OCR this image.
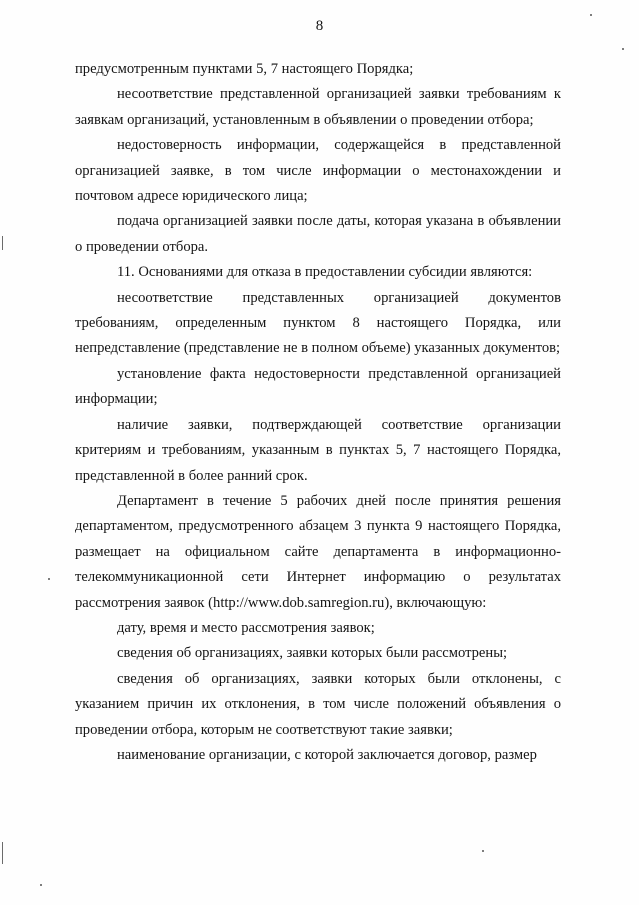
8

предусмотренным пунктами 5, 7 настоящего Порядка;

несоответствие представленной организацией заявки требованиям к заявкам организаций, установленным в объявлении о проведении отбора;

недостоверность информации, содержащейся в представленной организацией заявке, в том числе информации о местонахождении и почтовом адресе юридического лица;

подача организацией заявки после даты, которая указана в объявлении о проведении отбора.

11. Основаниями для отказа в предоставлении субсидии являются:

несоответствие представленных организацией документов требованиям, определенным пунктом 8 настоящего Порядка, или непредставление (представление не в полном объеме) указанных документов;

установление факта недостоверности представленной организацией информации;

наличие заявки, подтверждающей соответствие организации критериям и требованиям, указанным в пунктах 5, 7 настоящего Порядка, представленной в более ранний срок.

Департамент в течение 5 рабочих дней после принятия решения департаментом, предусмотренного абзацем 3 пункта 9 настоящего Порядка, размещает на официальном сайте департамента в информационно-телекоммуникационной сети Интернет информацию о результатах рассмотрения заявок (http://www.dob.samregion.ru), включающую:

дату, время и место рассмотрения заявок;

сведения об организациях, заявки которых были рассмотрены;

сведения об организациях, заявки которых были отклонены, с указанием причин их отклонения, в том числе положений объявления о проведении отбора, которым не соответствуют такие заявки;

наименование организации, с которой заключается договор, размер
